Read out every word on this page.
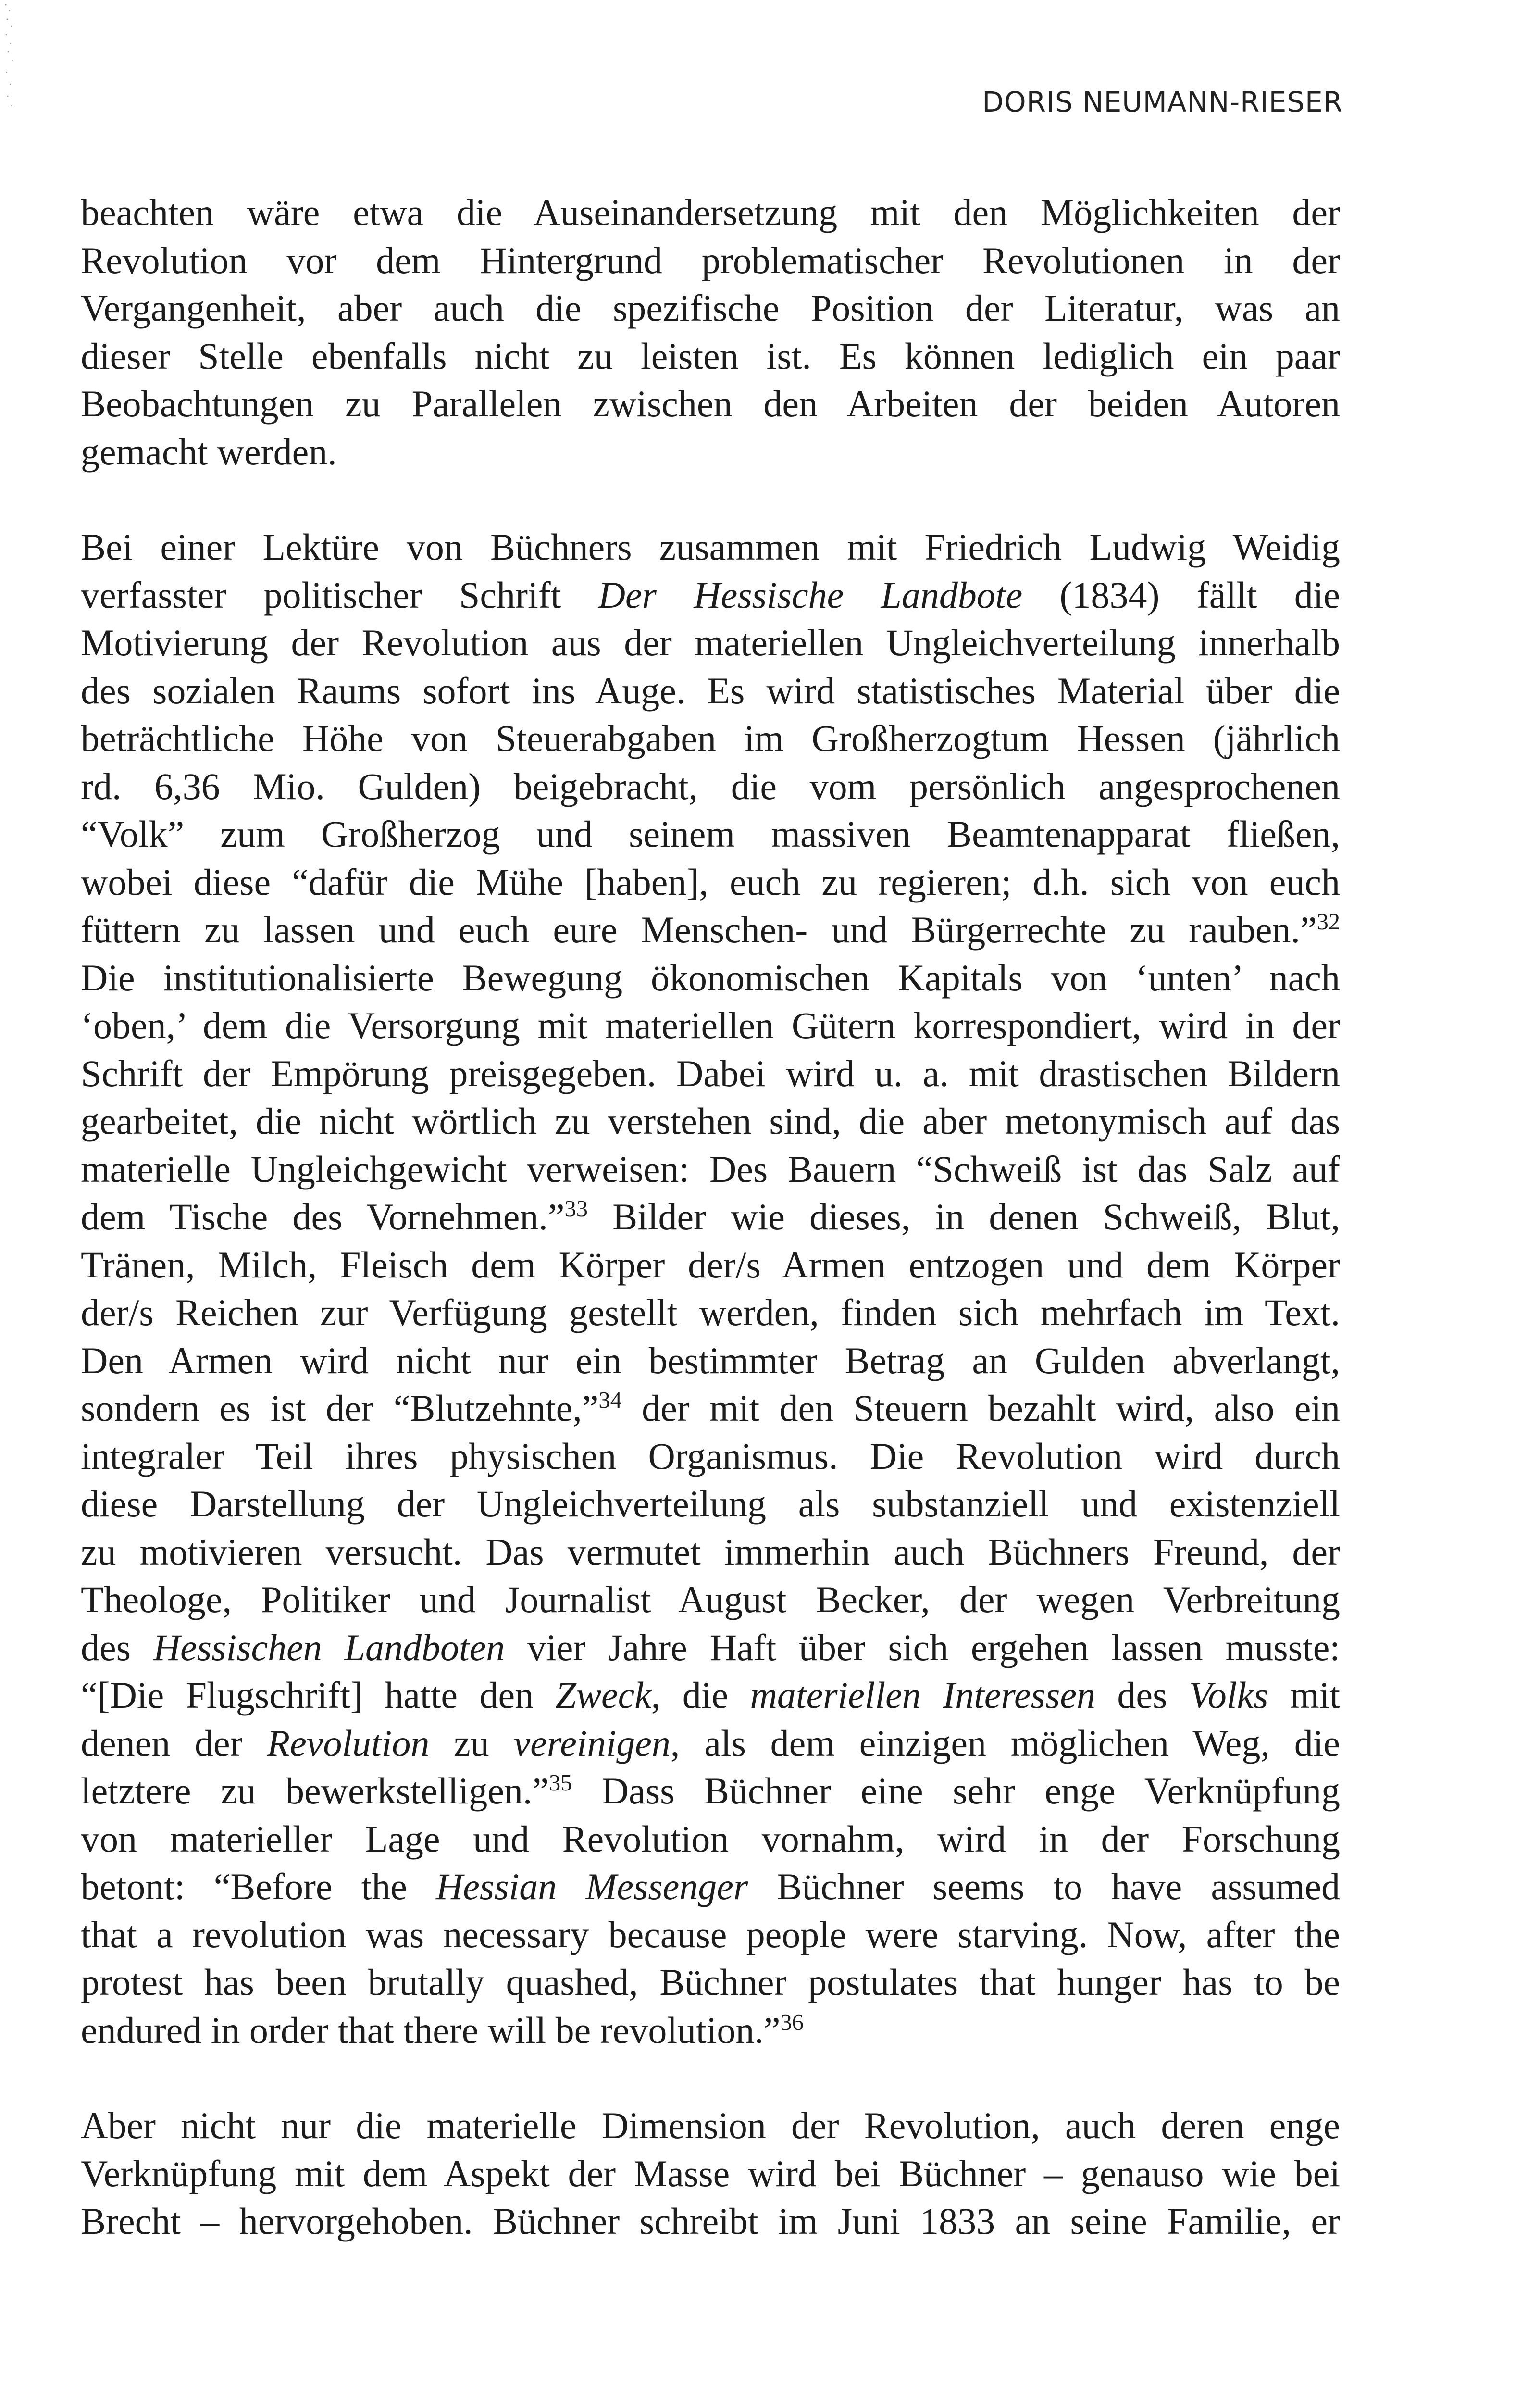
DORIS NEUMANN-RIESER
beachten wäre etwa die Auseinandersetzung mit den Möglichkeiten der
Revolution vor dem Hintergrund problematischer Revolutionen in der
Vergangenheit, aber auch die spezifische Position der Literatur, was an
dieser Stelle ebenfalls nicht zu leisten ist. Es können lediglich ein paar
Beobachtungen zu Parallelen zwischen den Arbeiten der beiden Autoren
gemacht werden.
Bei einer Lektüre von Büchners zusammen mit Friedrich Ludwig Weidig
verfasster politischer Schrift Der Hessische Landbote (1834) fällt die
Motivierung der Revolution aus der materiellen Ungleichverteilung innerhalb
des sozialen Raums sofort ins Auge. Es wird statistisches Material über die
beträchtliche Höhe von Steuerabgaben im Großherzogtum Hessen (jährlich
rd. 6,36 Mio. Gulden) beigebracht, die vom persönlich angesprochenen
“Volk” zum Großherzog und seinem massiven Beamtenapparat fließen,
wobei diese “dafür die Mühe [haben], euch zu regieren; d.h. sich von euch
füttern zu lassen und euch eure Menschen- und Bürgerrechte zu rauben.”$^{32}$
Die institutionalisierte Bewegung ökonomischen Kapitals von ‘unten’ nach
‘oben,’ dem die Versorgung mit materiellen Gütern korrespondiert, wird in der
Schrift der Empörung preisgegeben. Dabei wird u. a. mit drastischen Bildern
gearbeitet, die nicht wörtlich zu verstehen sind, die aber metonymisch auf das
materielle Ungleichgewicht verweisen: Des Bauern “Schweiß ist das Salz auf
dem Tische des Vornehmen.”$^{33}$ Bilder wie dieses, in denen Schweiß, Blut,
Tränen, Milch, Fleisch dem Körper der/s Armen entzogen und dem Körper
der/s Reichen zur Verfügung gestellt werden, finden sich mehrfach im Text.
Den Armen wird nicht nur ein bestimmter Betrag an Gulden abverlangt,
sondern es ist der “Blutzehnte,”$^{34}$ der mit den Steuern bezahlt wird, also ein
integraler Teil ihres physischen Organismus. Die Revolution wird durch
diese Darstellung der Ungleichverteilung als substanziell und existenziell
zu motivieren versucht. Das vermutet immerhin auch Büchners Freund, der
Theologe, Politiker und Journalist August Becker, der wegen Verbreitung
des Hessischen Landboten vier Jahre Haft über sich ergehen lassen musste:
“[Die Flugschrift] hatte den Zweck, die materiellen Interessen des Volks mit
denen der Revolution zu vereinigen, als dem einzigen möglichen Weg, die
letztere zu bewerkstelligen.”$^{35}$ Dass Büchner eine sehr enge Verknüpfung
von materieller Lage und Revolution vornahm, wird in der Forschung
betont: “Before the Hessian Messenger Büchner seems to have assumed
that a revolution was necessary because people were starving. Now, after the
protest has been brutally quashed, Büchner postulates that hunger has to be
endured in order that there will be revolution.”$^{36}$
Aber nicht nur die materielle Dimension der Revolution, auch deren enge
Verknüpfung mit dem Aspekt der Masse wird bei Büchner – genauso wie bei
Brecht – hervorgehoben. Büchner schreibt im Juni 1833 an seine Familie, er
